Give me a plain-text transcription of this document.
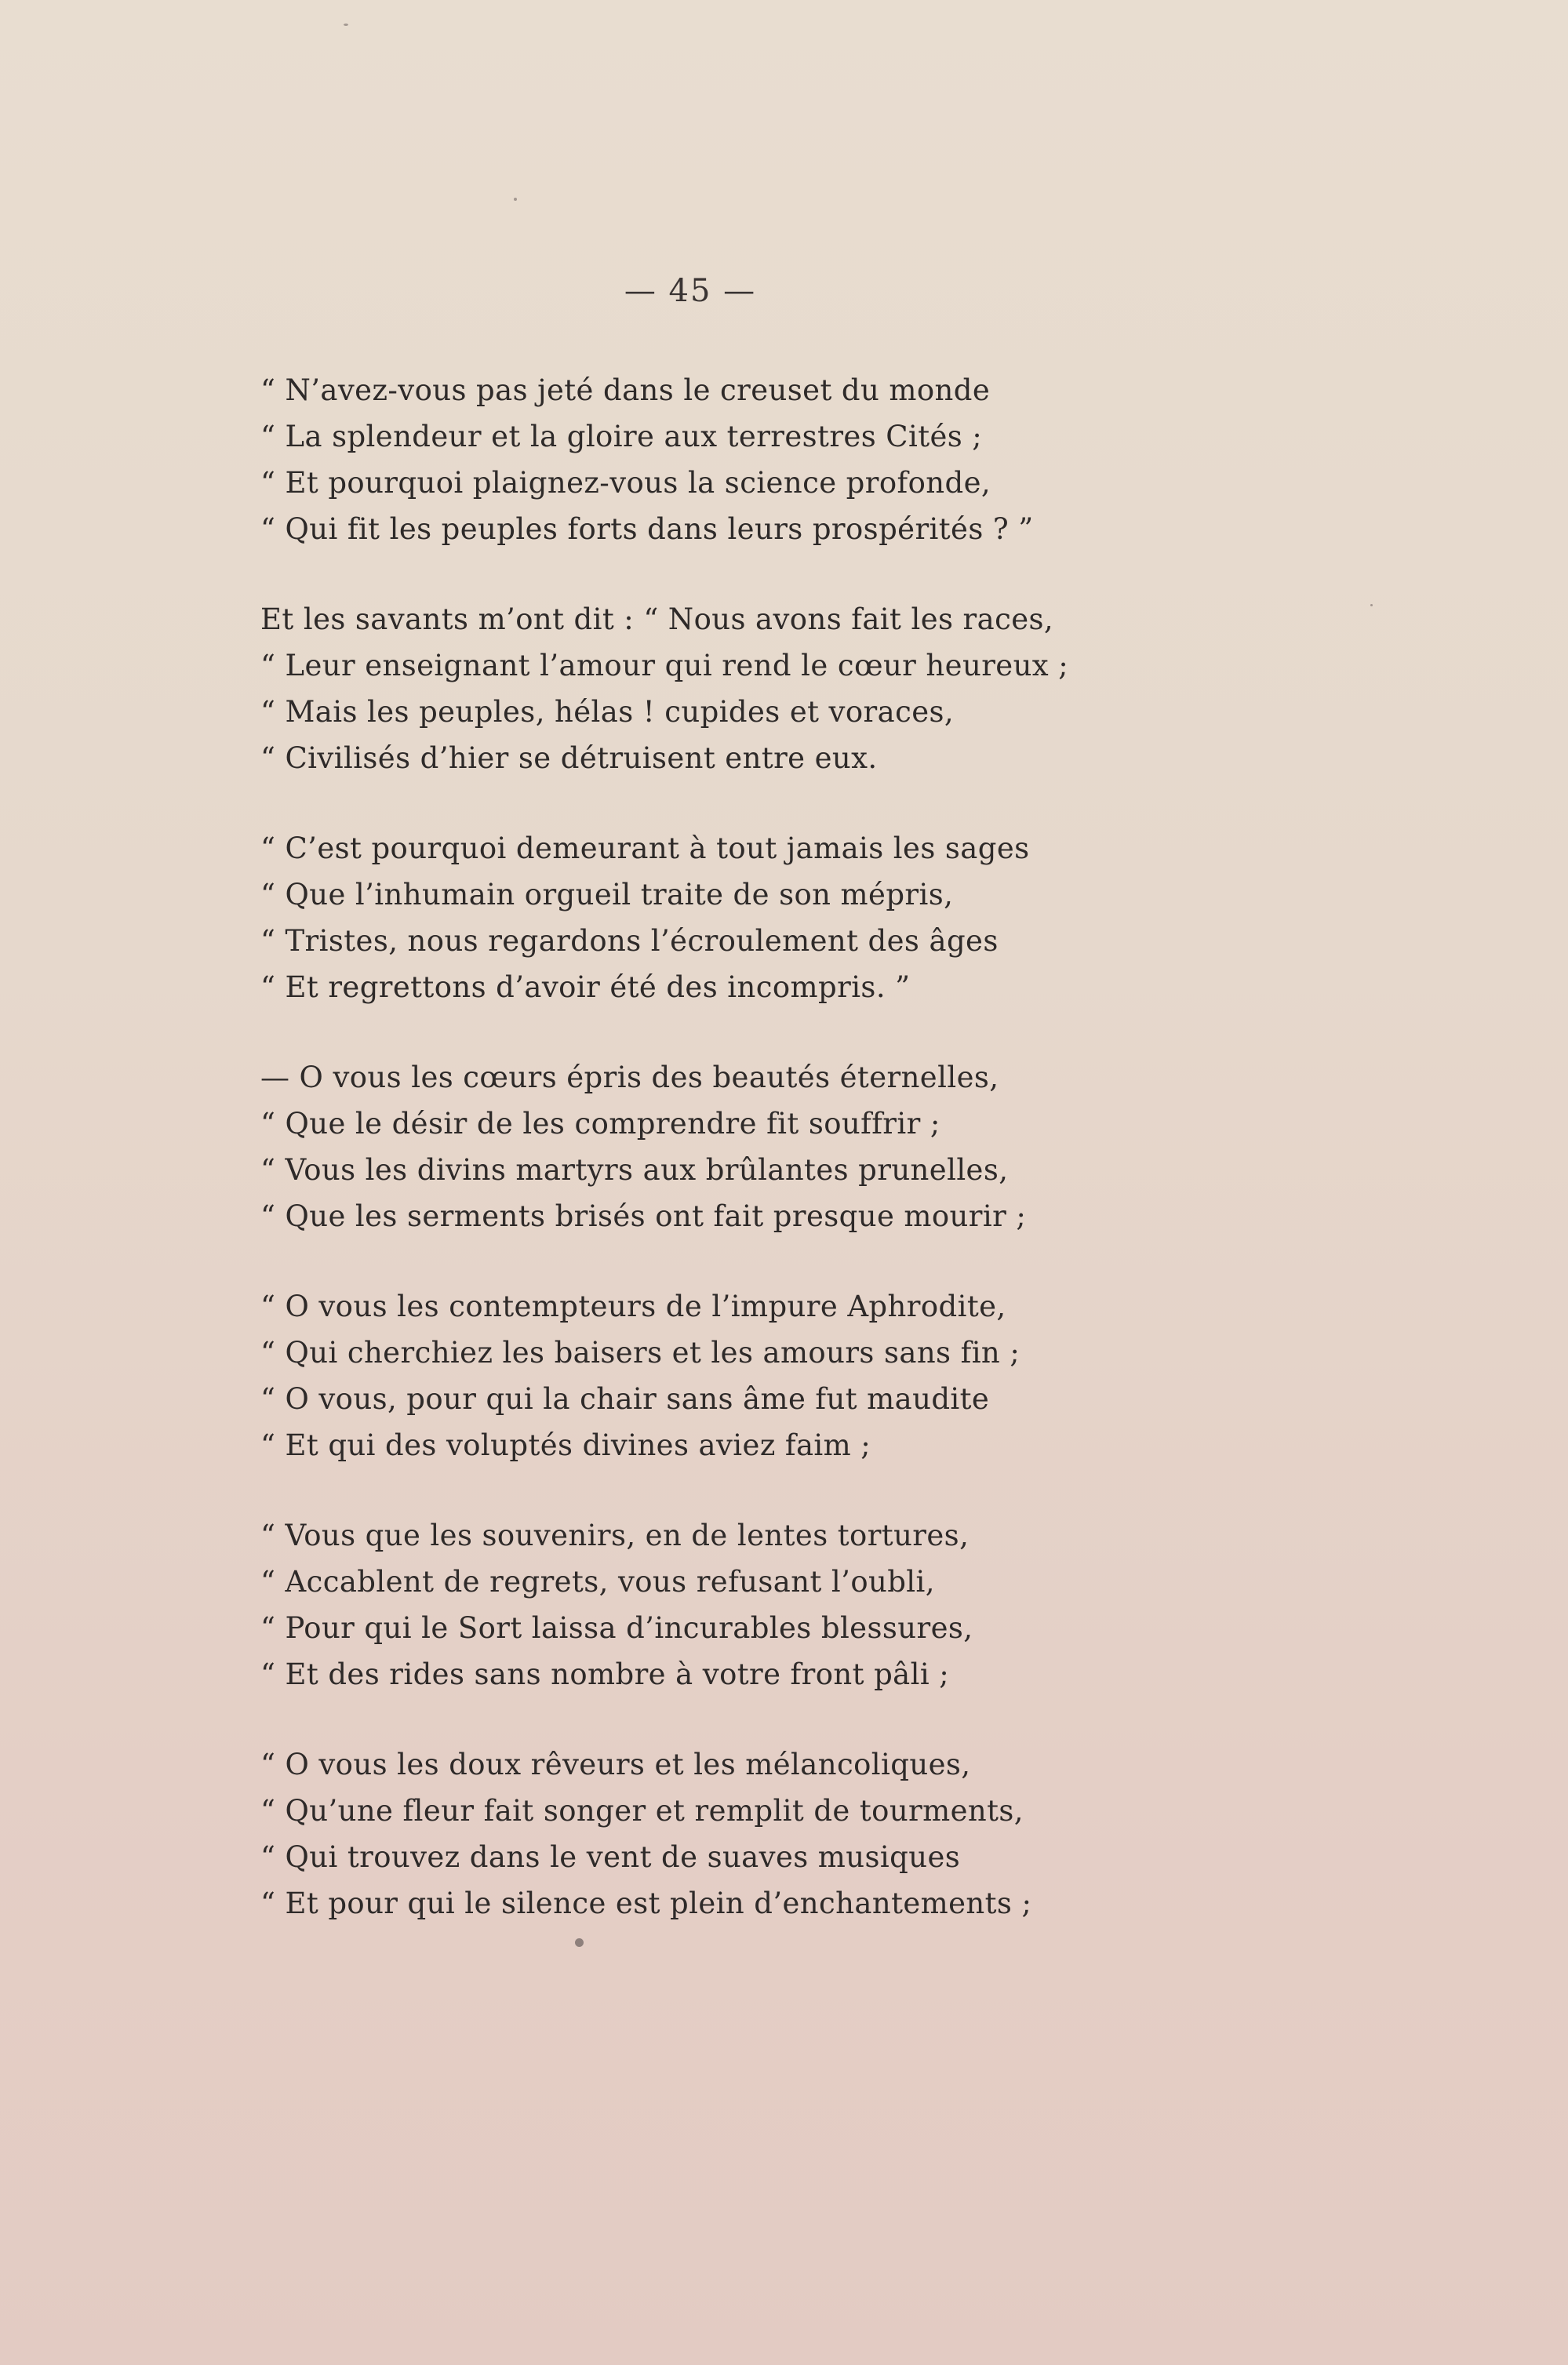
— 45 —
“ N’avez-vous pas jeté dans le creuset du monde
“ La splendeur et la gloire aux terrestres Cités ;
“ Et pourquoi plaignez-vous la science profonde,
“ Qui fit les peuples forts dans leurs prospérités ? ”
Et les savants m’ont dit : “ Nous avons fait les races,
“ Leur enseignant l’amour qui rend le cœur heureux ;
“ Mais les peuples, hélas ! cupides et voraces,
“ Civilisés d’hier se détruisent entre eux.
“ C’est pourquoi demeurant à tout jamais les sages
“ Que l’inhumain orgueil traite de son mépris,
“ Tristes, nous regardons l’écroulement des âges
“ Et regrettons d’avoir été des incompris. ”
— O vous les cœurs épris des beautés éternelles,
“ Que le désir de les comprendre fit souffrir ;
“ Vous les divins martyrs aux brûlantes prunelles,
“ Que les serments brisés ont fait presque mourir ;
“ O vous les contempteurs de l’impure Aphrodite,
“ Qui cherchiez les baisers et les amours sans fin ;
“ O vous, pour qui la chair sans âme fut maudite
“ Et qui des voluptés divines aviez faim ;
“ Vous que les souvenirs, en de lentes tortures,
“ Accablent de regrets, vous refusant l’oubli,
“ Pour qui le Sort laissa d’incurables blessures,
“ Et des rides sans nombre à votre front pâli ;
“ O vous les doux rêveurs et les mélancoliques,
“ Qu’une fleur fait songer et remplit de tourments,
“ Qui trouvez dans le vent de suaves musiques
“ Et pour qui le silence est plein d’enchantements ;
